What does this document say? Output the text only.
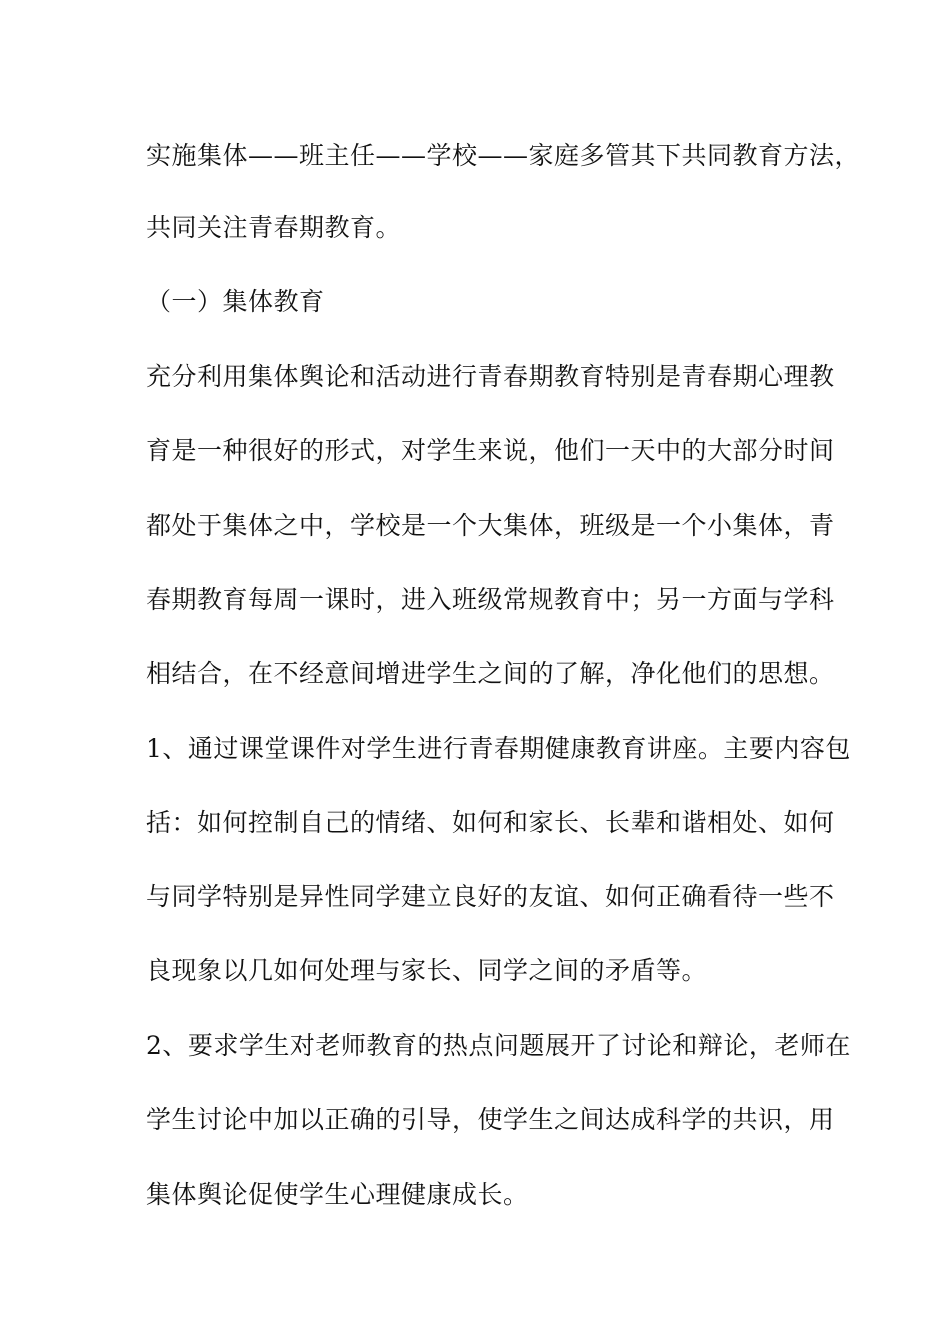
实施集体——班主任——学校——家庭多管其下共同教育方法，
共同关注青春期教育。
（一）集体教育
充分利用集体舆论和活动进行青春期教育特别是青春期心理教
育是一种很好的形式，对学生来说，他们一天中的大部分时间
都处于集体之中，学校是一个大集体，班级是一个小集体，青
春期教育每周一课时，进入班级常规教育中；另一方面与学科
相结合，在不经意间增进学生之间的了解，净化他们的思想。
1、通过课堂课件对学生进行青春期健康教育讲座。主要内容包
括：如何控制自己的情绪、如何和家长、长辈和谐相处、如何
与同学特别是异性同学建立良好的友谊、如何正确看待一些不
良现象以几如何处理与家长、同学之间的矛盾等。
2、要求学生对老师教育的热点问题展开了讨论和辩论，老师在
学生讨论中加以正确的引导，使学生之间达成科学的共识，用
集体舆论促使学生心理健康成长。
